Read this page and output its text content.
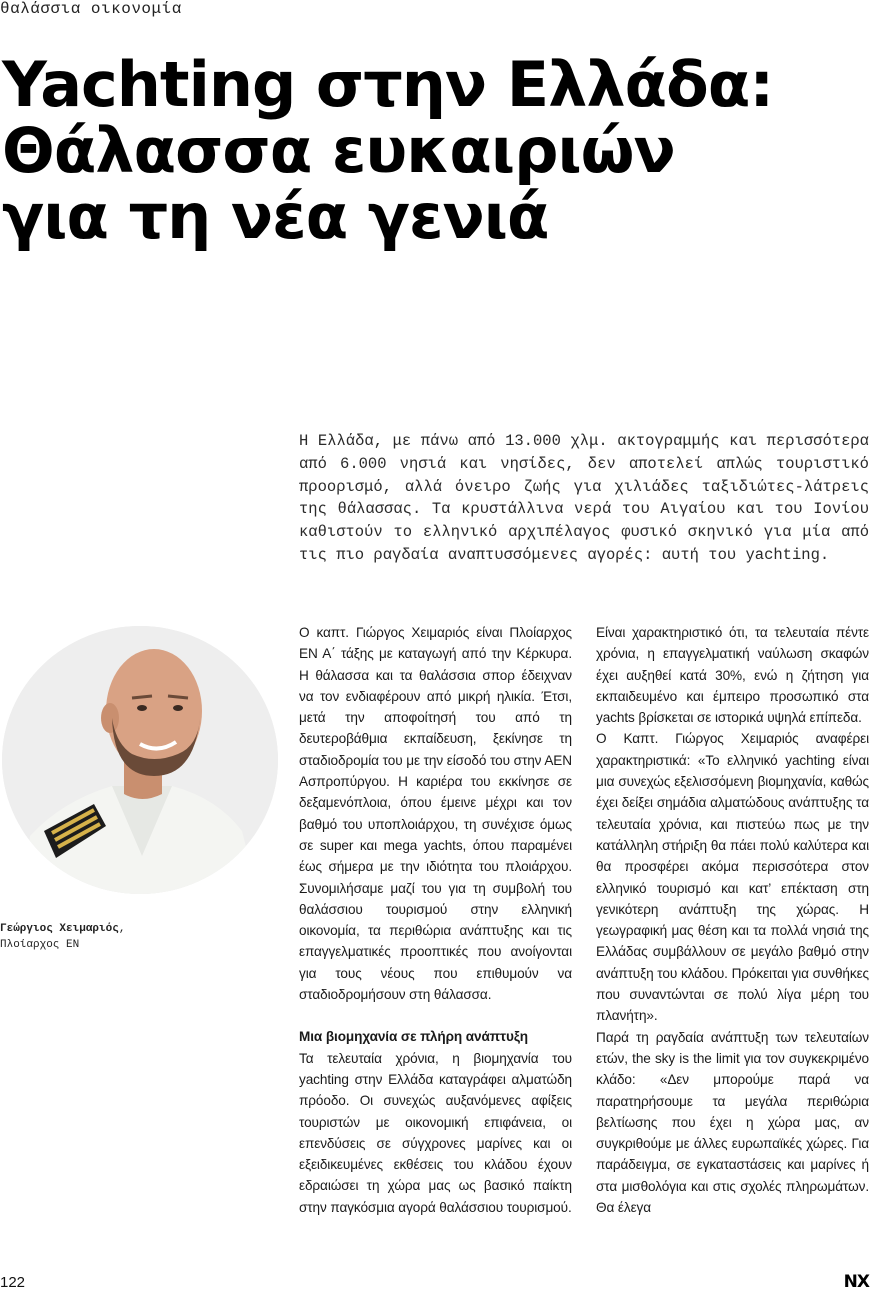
θαλάσσια οικονομία
Yachting στην Ελλάδα:
Θάλασσα ευκαιριών
για τη νέα γενιά

Η Ελλάδα, με πάνω από 13.000 χλμ. ακτογραμμής και περισσότερα από 6.000 νησιά και νησίδες, δεν αποτελεί απλώς τουριστικό προορισμό, αλλά όνειρο ζωής για χιλιάδες ταξιδιώτες-λάτρεις της θάλασσας. Τα κρυστάλλινα νερά του Αιγαίου και του Ιονίου καθιστούν το ελληνικό αρχιπέλαγος φυσικό σκηνικό για μία από τις πιο ραγδαία αναπτυσσόμενες αγορές: αυτή του yachting.

Γεώργιος Χειμαριός,
Πλοίαρχος ΕΝ

Ο καπτ. Γιώργος Χειμαριός είναι Πλοίαρχος ΕΝ Α΄ τάξης με καταγωγή από την Κέρκυρα. Η θάλασσα και τα θαλάσσια σπορ έδειχναν να τον ενδιαφέρουν από μικρή ηλικία. Έτσι, μετά την αποφοίτησή του από τη δευτεροβάθμια εκπαίδευση, ξεκίνησε τη σταδιοδρομία του με την είσοδό του στην ΑΕΝ Ασπροπύργου. Η καριέρα του εκκίνησε σε δεξαμενόπλοια, όπου έμεινε μέχρι και τον βαθμό του υποπλοιάρχου, τη συνέχισε όμως σε super και mega yachts, όπου παραμένει έως σήμερα με την ιδιότητα του πλοιάρχου. Συνομιλήσαμε μαζί του για τη συμβολή του θαλάσσιου τουρισμού στην ελληνική οικονομία, τα περιθώρια ανάπτυξης και τις επαγγελματικές προοπτικές που ανοίγονται για τους νέους που επιθυμούν να σταδιοδρομήσουν στη θάλασσα.

Μια βιομηχανία σε πλήρη ανάπτυξη

Τα τελευταία χρόνια, η βιομηχανία του yachting στην Ελλάδα καταγράφει αλματώδη πρόοδο. Οι συνεχώς αυξανόμενες αφίξεις τουριστών με οικονομική επιφάνεια, οι επενδύσεις σε σύγχρονες μαρίνες και οι εξειδικευμένες εκθέσεις του κλάδου έχουν εδραιώσει τη χώρα μας ως βασικό παίκτη στην παγκόσμια αγορά θαλάσσιου τουρισμού.

Είναι χαρακτηριστικό ότι, τα τελευταία πέντε χρόνια, η επαγγελματική ναύλωση σκαφών έχει αυξηθεί κατά 30%, ενώ η ζήτηση για εκπαιδευμένο και έμπειρο προσωπικό στα yachts βρίσκεται σε ιστορικά υψηλά επίπεδα.

Ο Καπτ. Γιώργος Χειμαριός αναφέρει χαρακτηριστικά: «Το ελληνικό yachting είναι μια συνεχώς εξελισσόμενη βιομηχανία, καθώς έχει δείξει σημάδια αλματώδους ανάπτυξης τα τελευταία χρόνια, και πιστεύω πως με την κατάλληλη στήριξη θα πάει πολύ καλύτερα και θα προσφέρει ακόμα περισσότερα στον ελληνικό τουρισμό και κατ’ επέκταση στη γενικότερη ανάπτυξη της χώρας. Η γεωγραφική μας θέση και τα πολλά νησιά της Ελλάδας συμβάλλουν σε μεγάλο βαθμό στην ανάπτυξη του κλάδου. Πρόκειται για συνθήκες που συναντώνται σε πολύ λίγα μέρη του πλανήτη».

Παρά τη ραγδαία ανάπτυξη των τελευταίων ετών, the sky is the limit για τον συγκεκριμένο κλάδο: «Δεν μπορούμε παρά να παρατηρήσουμε τα μεγάλα περιθώρια βελτίωσης που έχει η χώρα μας, αν συγκριθούμε με άλλες ευρωπαϊκές χώρες. Για παράδειγμα, σε εγκαταστάσεις και μαρίνες ή στα μισθολόγια και στις σχολές πληρωμάτων. Θα έλεγα

122	NX
